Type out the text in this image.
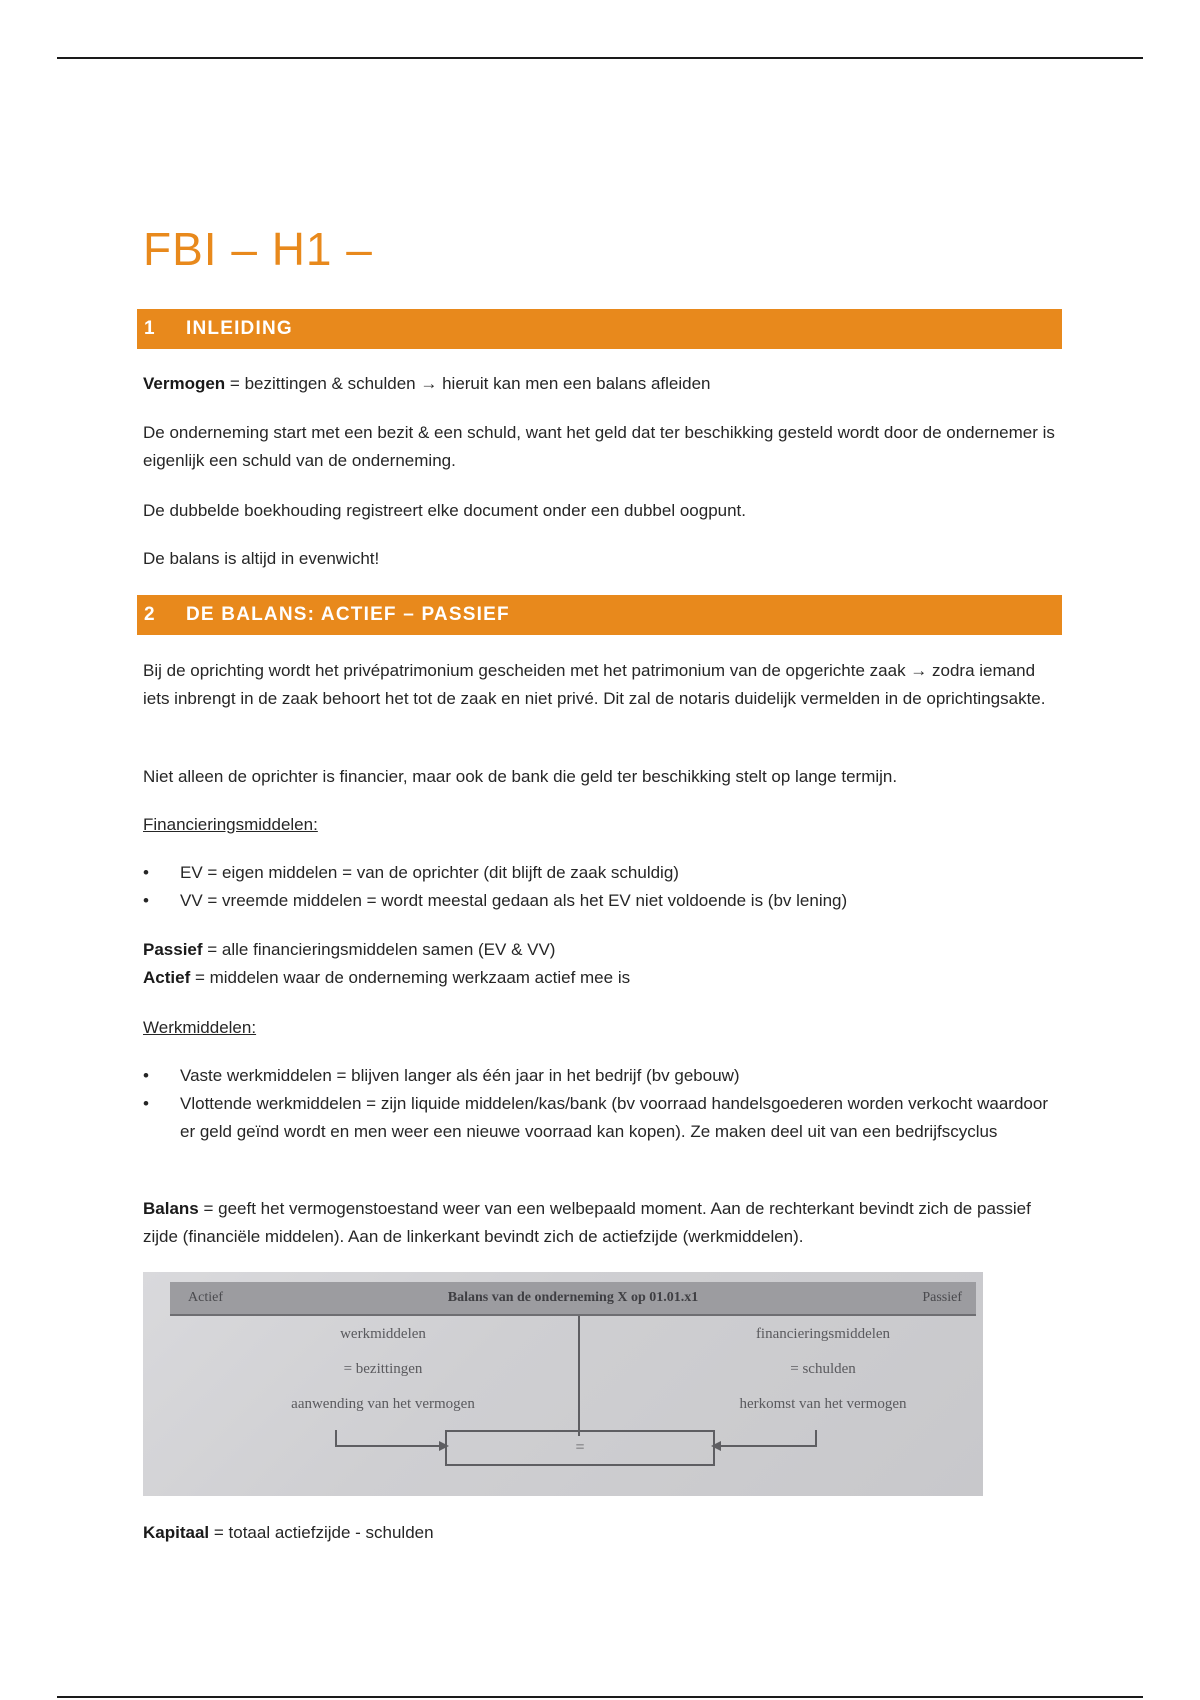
FBI – H1 –
1 INLEIDING

Vermogen = bezittingen & schulden → hieruit kan men een balans afleiden

De onderneming start met een bezit & een schuld, want het geld dat ter beschikking gesteld wordt door de ondernemer is eigenlijk een schuld van de onderneming.

De dubbelde boekhouding registreert elke document onder een dubbel oogpunt.

De balans is altijd in evenwicht!

2 DE BALANS: ACTIEF – PASSIEF

Bij de oprichting wordt het privépatrimonium gescheiden met het patrimonium van de opgerichte zaak → zodra iemand iets inbrengt in de zaak behoort het tot de zaak en niet privé. Dit zal de notaris duidelijk vermelden in de oprichtingsakte.

Niet alleen de oprichter is financier, maar ook de bank die geld ter beschikking stelt op lange termijn.

Financieringsmiddelen:

• EV = eigen middelen = van de oprichter (dit blijft de zaak schuldig)
• VV = vreemde middelen = wordt meestal gedaan als het EV niet voldoende is (bv lening)

Passief = alle financieringsmiddelen samen (EV & VV)
Actief = middelen waar de onderneming werkzaam actief mee is

Werkmiddelen:

• Vaste werkmiddelen = blijven langer als één jaar in het bedrijf (bv gebouw)
• Vlottende werkmiddelen = zijn liquide middelen/kas/bank (bv voorraad handelsgoederen worden verkocht waardoor er geld geïnd wordt en men weer een nieuwe voorraad kan kopen). Ze maken deel uit van een bedrijfscyclus

Balans = geeft het vermogenstoestand weer van een welbepaald moment. Aan de rechterkant bevindt zich de passief zijde (financiële middelen). Aan de linkerkant bevindt zich de actiefzijde (werkmiddelen).

Actief	Balans van de onderneming X op 01.01.x1	Passief
werkmiddelen
= bezittingen
aanwending van het vermogen
financieringsmiddelen
= schulden
herkomst van het vermogen
=

Kapitaal = totaal actiefzijde - schulden
